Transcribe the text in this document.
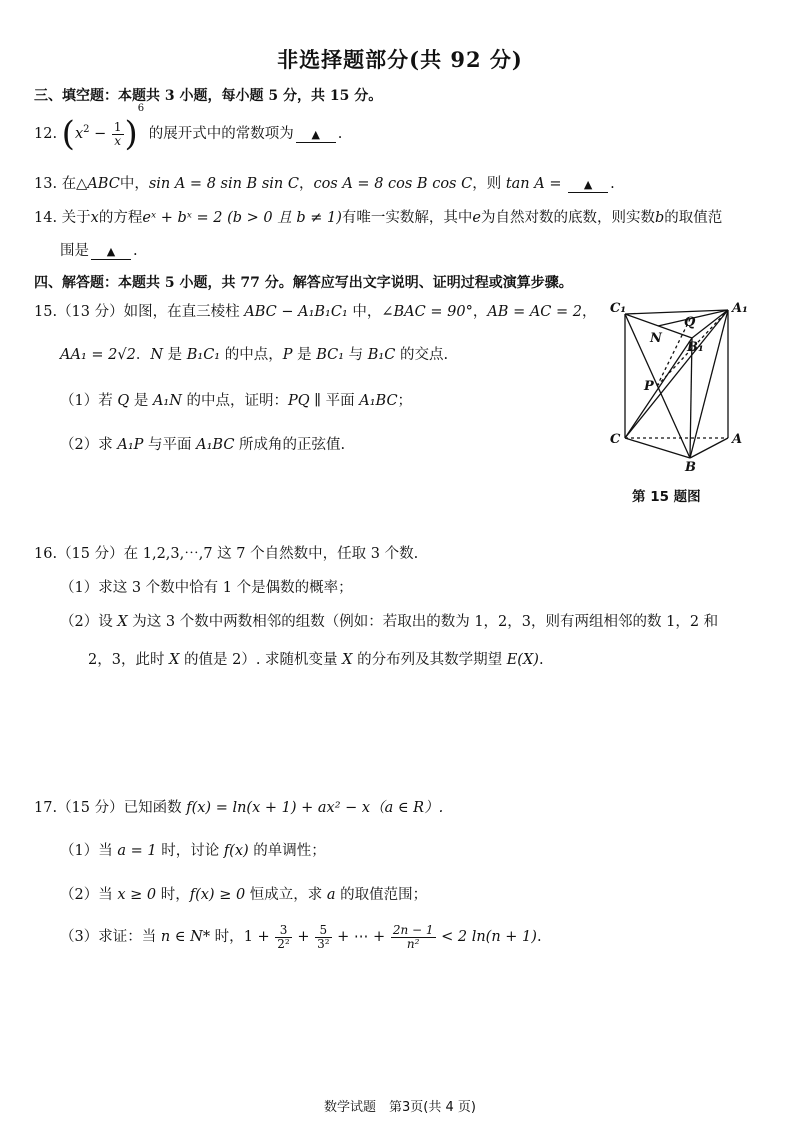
非选择题部分(共 92 分)
三、填空题：本题共 3 小题，每小题 5 分，共 15 分。
12. $(x^2 - \frac{1}{x} )^6$ 的展开式中的常数项为 ▲ .
13. 在△ABC中，sin A = 8 sin B sin C，cos A = 8 cos B cos C，则 tan A = ▲ .
14. 关于x的方程eˣ + bˣ = 2 (b > 0 且 b ≠ 1)有唯一实数解，其中e为自然对数的底数，则实数b的取值范
围是 ▲ .
四、解答题：本题共 5 小题，共 77 分。解答应写出文字说明、证明过程或演算步骤。
15.（13 分）如图，在直三棱柱 ABC − A₁B₁C₁ 中，∠BAC = 90°，AB = AC = 2，
AA₁ = 2√2．N 是 B₁C₁ 的中点，P 是 BC₁ 与 B₁C 的交点.
（1）若 Q 是 A₁N 的中点，证明：PQ ∥ 平面 A₁BC；
（2）求 A₁P 与平面 A₁BC 所成角的正弦值.
C₁	A₁
Q
N
B₁
P
C	A
B
第 15 题图
16.（15 分）在 1,2,3,⋯,7 这 7 个自然数中，任取 3 个数.
（1）求这 3 个数中恰有 1 个是偶数的概率；
（2）设 X 为这 3 个数中两数相邻的组数（例如：若取出的数为 1，2，3，则有两组相邻的数 1，2 和
2，3，此时 X 的值是 2）. 求随机变量 X 的分布列及其数学期望 E(X).
17.（15 分）已知函数 f(x) = ln(x + 1) + ax² − x（a ∈ R）.
（1）当 a = 1 时，讨论 f(x) 的单调性；
（2）当 x ≥ 0 时，f(x) ≥ 0 恒成立，求 a 的取值范围；
（3）求证：当 n ∈ N* 时，$1 + \frac{3}{\text{2²}} + \frac{5}{\text{3²}}$ + ⋯ + $\frac{2n - 1}{\text{n²}} < 2$ ln(n + 1).
数学试题　第3页(共 4 页)
